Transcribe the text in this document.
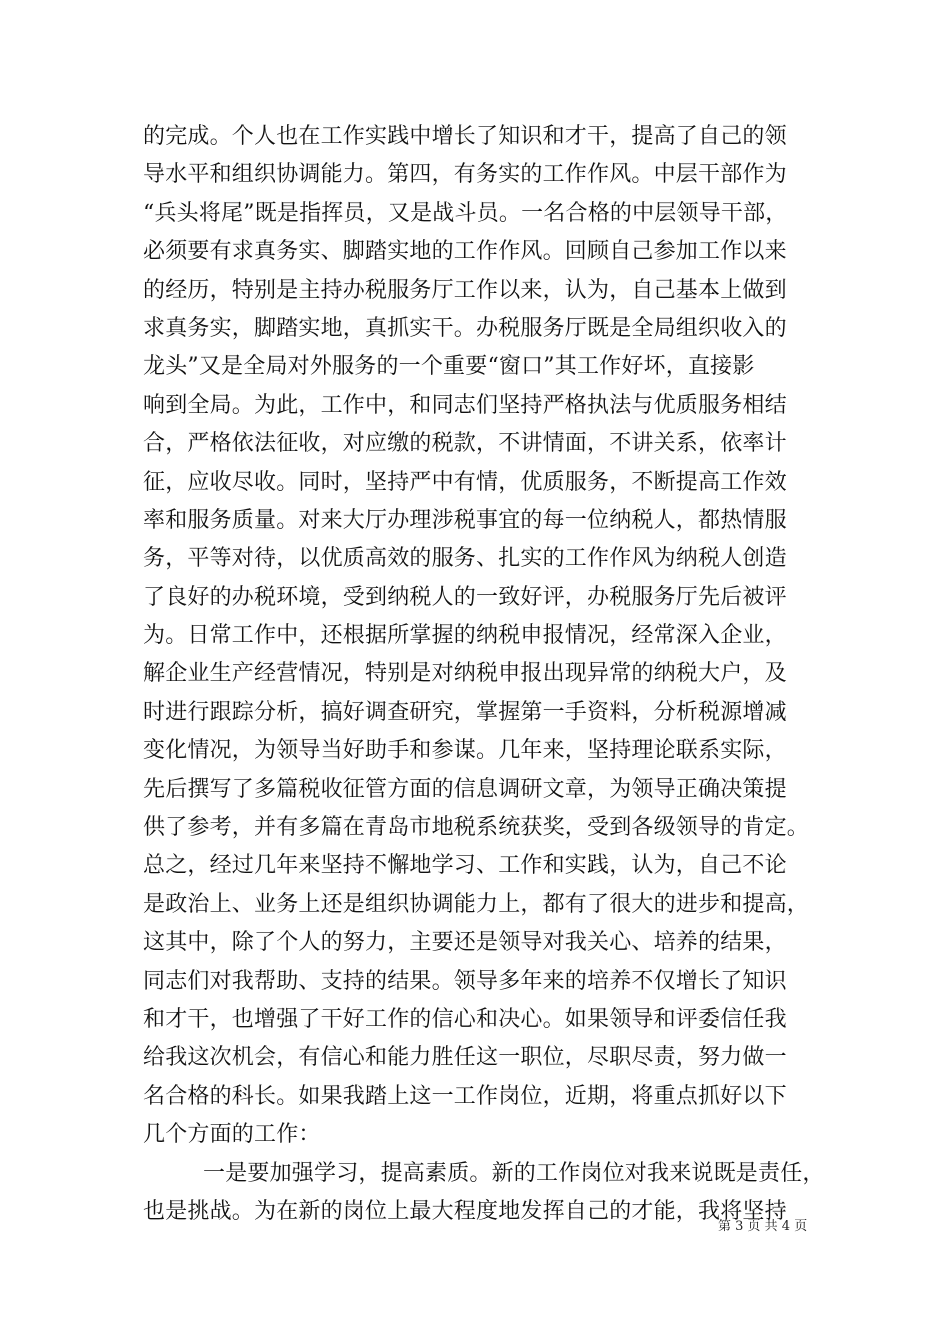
的完成。个人也在工作实践中增长了知识和才干，提高了自己的领
导水平和组织协调能力。第四，有务实的工作作风。中层干部作为
“兵头将尾”既是指挥员，又是战斗员。一名合格的中层领导干部，
必须要有求真务实、脚踏实地的工作作风。回顾自己参加工作以来
的经历，特别是主持办税服务厅工作以来，认为，自己基本上做到
求真务实，脚踏实地，真抓实干。办税服务厅既是全局组织收入的
龙头”又是全局对外服务的一个重要“窗口”其工作好坏，直接影
响到全局。为此，工作中，和同志们坚持严格执法与优质服务相结
合，严格依法征收，对应缴的税款，不讲情面，不讲关系，依率计
征，应收尽收。同时，坚持严中有情，优质服务，不断提高工作效
率和服务质量。对来大厅办理涉税事宜的每一位纳税人，都热情服
务，平等对待，以优质高效的服务、扎实的工作作风为纳税人创造
了良好的办税环境，受到纳税人的一致好评，办税服务厅先后被评
为。日常工作中，还根据所掌握的纳税申报情况，经常深入企业，
解企业生产经营情况，特别是对纳税申报出现异常的纳税大户，及
时进行跟踪分析，搞好调查研究，掌握第一手资料，分析税源增减
变化情况，为领导当好助手和参谋。几年来，坚持理论联系实际，
先后撰写了多篇税收征管方面的信息调研文章，为领导正确决策提
供了参考，并有多篇在青岛市地税系统获奖，受到各级领导的肯定。
总之，经过几年来坚持不懈地学习、工作和实践，认为，自己不论
是政治上、业务上还是组织协调能力上，都有了很大的进步和提高，
这其中，除了个人的努力，主要还是领导对我关心、培养的结果，
同志们对我帮助、支持的结果。领导多年来的培养不仅增长了知识
和才干，也增强了干好工作的信心和决心。如果领导和评委信任我
给我这次机会，有信心和能力胜任这一职位，尽职尽责，努力做一
名合格的科长。如果我踏上这一工作岗位，近期，将重点抓好以下
几个方面的工作：
一是要加强学习，提高素质。新的工作岗位对我来说既是责任，
也是挑战。为在新的岗位上最大程度地发挥自己的才能，我将坚持
第 3 页 共 4 页
